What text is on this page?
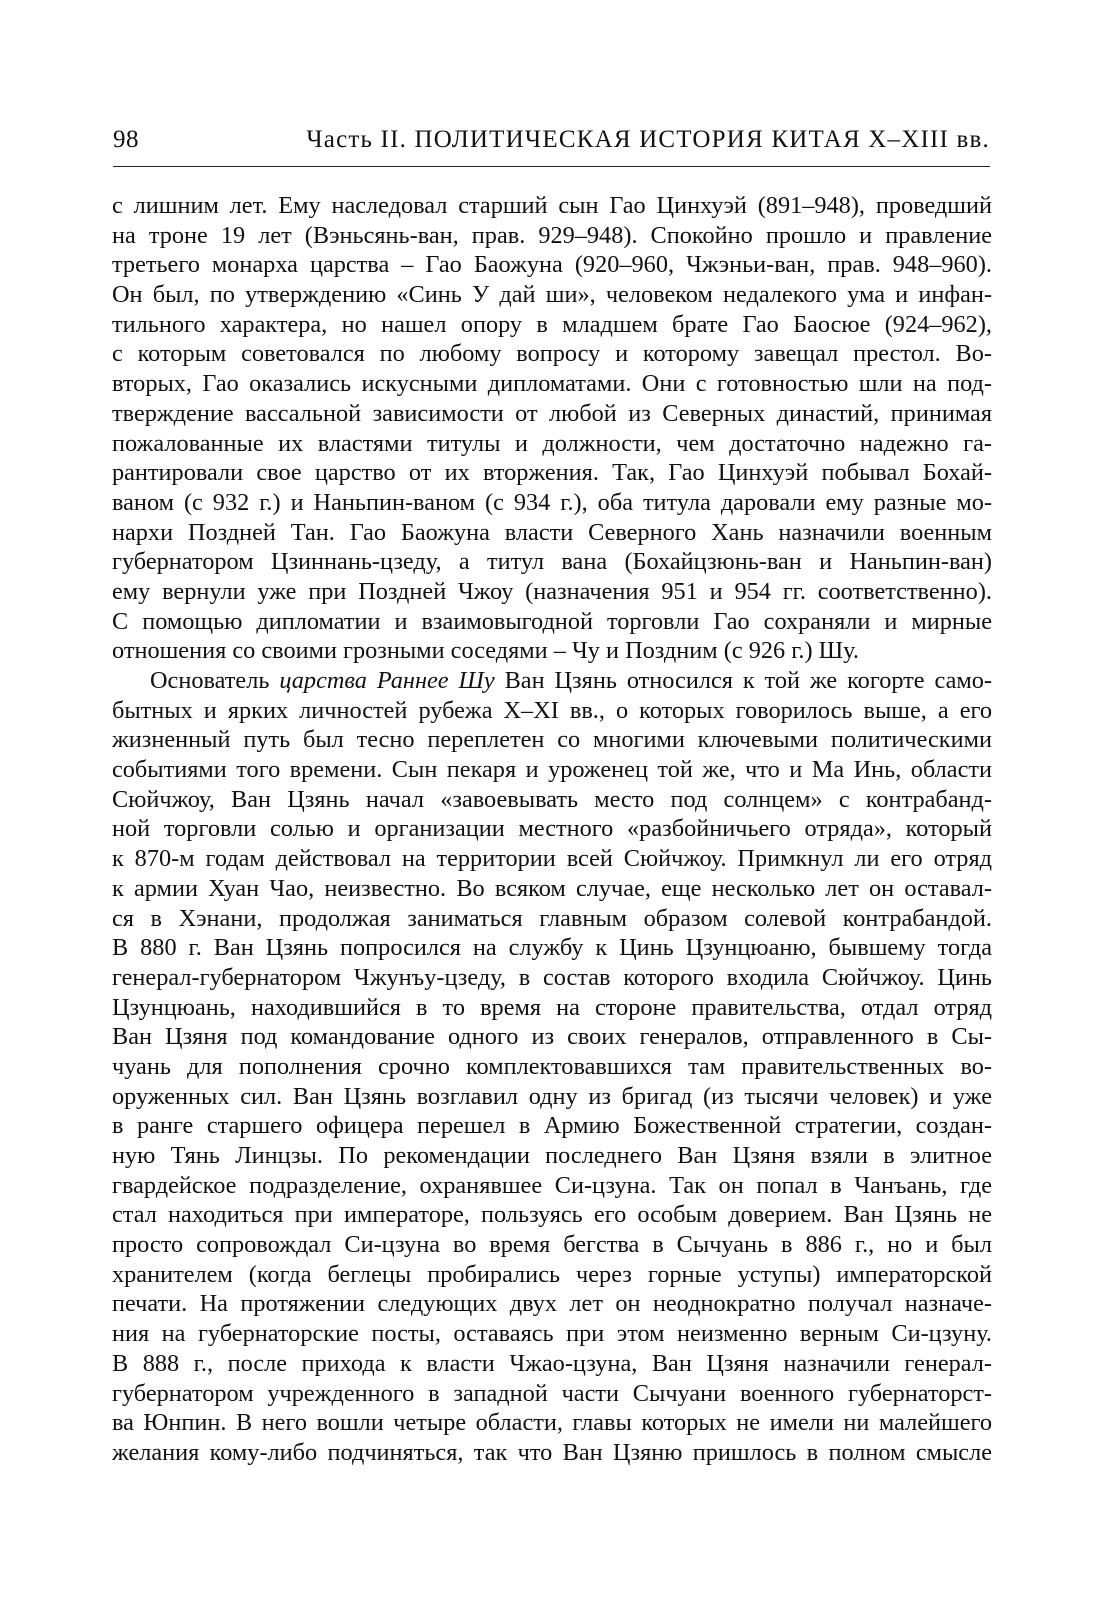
98	Часть II. ПОЛИТИЧЕСКАЯ ИСТОРИЯ КИТАЯ X–XIII вв.
с лишним лет. Ему наследовал старший сын Гао Цинхуэй (891–948), проведший
на троне 19 лет (Вэньсянь-ван, прав. 929–948). Спокойно прошло и правление
третьего монарха царства – Гао Баожуна (920–960, Чжэньи-ван, прав. 948–960).
Он был, по утверждению «Синь У дай ши», человеком недалекого ума и инфан-
тильного характера, но нашел опору в младшем брате Гао Баосюе (924–962),
с которым советовался по любому вопросу и которому завещал престол. Во-
вторых, Гао оказались искусными дипломатами. Они с готовностью шли на под-
тверждение вассальной зависимости от любой из Северных династий, принимая
пожалованные их властями титулы и должности, чем достаточно надежно га-
рантировали свое царство от их вторжения. Так, Гао Цинхуэй побывал Бохай-
ваном (с 932 г.) и Наньпин-ваном (с 934 г.), оба титула даровали ему разные мо-
нархи Поздней Тан. Гао Баожуна власти Северного Хань назначили военным
губернатором Цзиннань-цзеду, а титул вана (Бохайцзюнь-ван и Наньпин-ван)
ему вернули уже при Поздней Чжоу (назначения 951 и 954 гг. соответственно).
С помощью дипломатии и взаимовыгодной торговли Гао сохраняли и мирные
отношения со своими грозными соседями – Чу и Поздним (с 926 г.) Шу.
Основатель царства Раннее Шу Ван Цзянь относился к той же когорте само-
бытных и ярких личностей рубежа X–XI вв., о которых говорилось выше, а его
жизненный путь был тесно переплетен со многими ключевыми политическими
событиями того времени. Сын пекаря и уроженец той же, что и Ма Инь, области
Сюйчжоу, Ван Цзянь начал «завоевывать место под солнцем» с контрабанд-
ной торговли солью и организации местного «разбойничьего отряда», который
к 870-м годам действовал на территории всей Сюйчжоу. Примкнул ли его отряд
к армии Хуан Чао, неизвестно. Во всяком случае, еще несколько лет он оставал-
ся в Хэнани, продолжая заниматься главным образом солевой контрабандой.
В 880 г. Ван Цзянь попросился на службу к Цинь Цзунцюаню, бывшему тогда
генерал-губернатором Чжунъу-цзеду, в состав которого входила Сюйчжоу. Цинь
Цзунцюань, находившийся в то время на стороне правительства, отдал отряд
Ван Цзяня под командование одного из своих генералов, отправленного в Сы-
чуань для пополнения срочно комплектовавшихся там правительственных во-
оруженных сил. Ван Цзянь возглавил одну из бригад (из тысячи человек) и уже
в ранге старшего офицера перешел в Армию Божественной стратегии, создан-
ную Тянь Линцзы. По рекомендации последнего Ван Цзяня взяли в элитное
гвардейское подразделение, охранявшее Си-цзуна. Так он попал в Чанъань, где
стал находиться при императоре, пользуясь его особым доверием. Ван Цзянь не
просто сопровождал Си-цзуна во время бегства в Сычуань в 886 г., но и был
хранителем (когда беглецы пробирались через горные уступы) императорской
печати. На протяжении следующих двух лет он неоднократно получал назначе-
ния на губернаторские посты, оставаясь при этом неизменно верным Си-цзуну.
В 888 г., после прихода к власти Чжао-цзуна, Ван Цзяня назначили генерал-
губернатором учрежденного в западной части Сычуани военного губернаторст-
ва Юнпин. В него вошли четыре области, главы которых не имели ни малейшего
желания кому-либо подчиняться, так что Ван Цзяню пришлось в полном смысле
